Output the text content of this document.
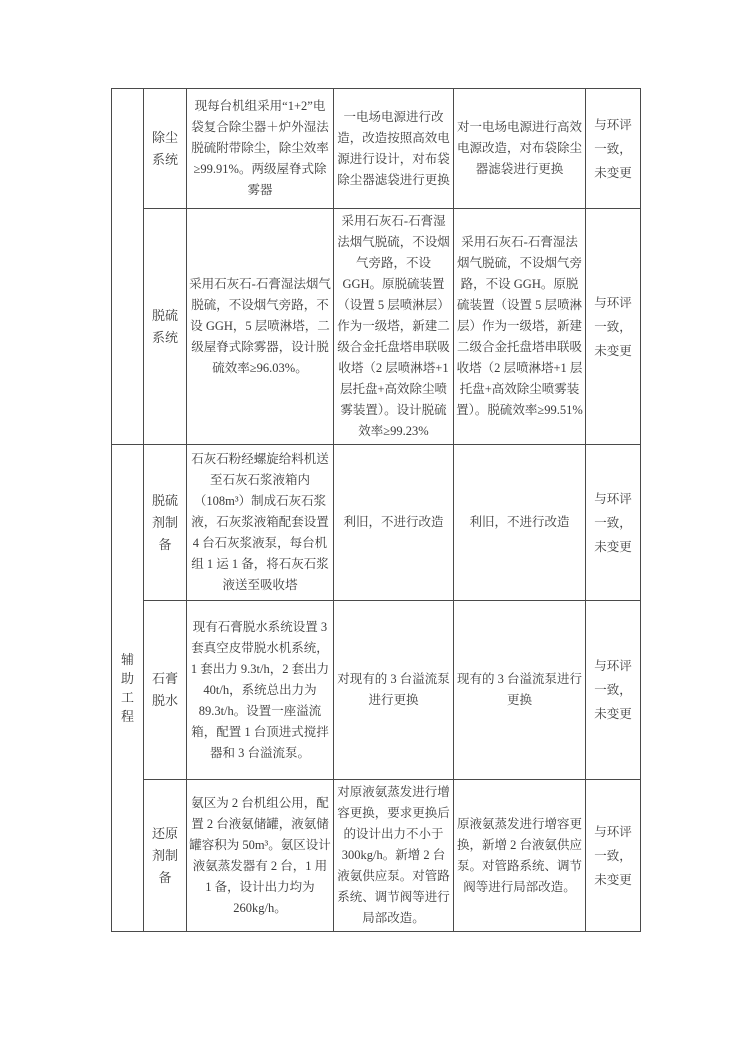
	除尘系统	现每台机组采用“1+2”电袋复合除尘器＋炉外湿法脱硫附带除尘，除尘效率≥99.91%。两级屋脊式除雾器	一电场电源进行改造，改造按照高效电源进行设计，对布袋除尘器滤袋进行更换	对一电场电源进行高效电源改造，对布袋除尘器滤袋进行更换	与环评一致，未变更

	脱硫系统	采用石灰石-石膏湿法烟气脱硫，不设烟气旁路，不设 GGH，5 层喷淋塔，二级屋脊式除雾器，设计脱硫效率≥96.03%。	采用石灰石-石膏湿法烟气脱硫，不设烟气旁路，不设 GGH。原脱硫装置（设置 5 层喷淋层）作为一级塔，新建二级合金托盘塔串联吸收塔（2 层喷淋塔+1 层托盘+高效除尘喷雾装置）。设计脱硫效率≥99.23%	采用石灰石-石膏湿法烟气脱硫，不设烟气旁路，不设 GGH。原脱硫装置（设置 5 层喷淋层）作为一级塔，新建二级合金托盘塔串联吸收塔（2 层喷淋塔+1 层托盘+高效除尘喷雾装置）。脱硫效率≥99.51%	与环评一致，未变更

辅助工程	脱硫剂制备	石灰石粉经螺旋给料机送至石灰石浆液箱内（108m³）制成石灰石浆液，石灰浆液箱配套设置 4 台石灰浆液泵，每台机组 1 运 1 备，将石灰石浆液送至吸收塔	利旧，不进行改造	利旧，不进行改造	与环评一致，未变更

	石膏脱水	现有石膏脱水系统设置 3 套真空皮带脱水机系统，1 套出力 9.3t/h，2 套出力 40t/h，系统总出力为 89.3t/h。设置一座溢流箱，配置 1 台顶进式搅拌器和 3 台溢流泵。	对现有的 3 台溢流泵进行更换	现有的 3 台溢流泵进行更换	与环评一致，未变更

	还原剂制备	氨区为 2 台机组公用，配置 2 台液氨储罐，液氨储罐容积为 50m³。氨区设计液氨蒸发器有 2 台，1 用 1 备，设计出力均为 260kg/h。	对原液氨蒸发进行增容更换，要求更换后的设计出力不小于 300kg/h。新增 2 台液氨供应泵。对管路系统、调节阀等进行局部改造。	原液氨蒸发进行增容更换，新增 2 台液氨供应泵。对管路系统、调节阀等进行局部改造。	与环评一致，未变更
